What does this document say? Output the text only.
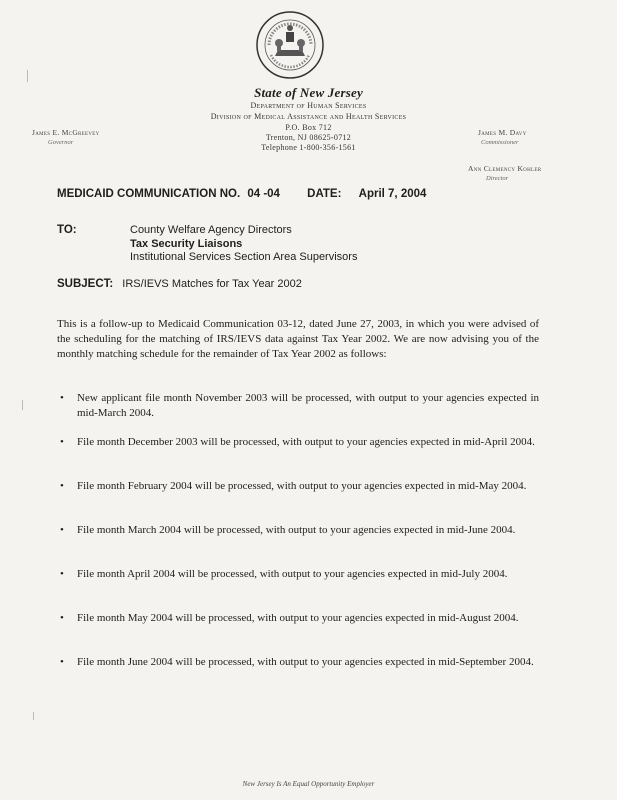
State of New Jersey
Department of Human Services
Division of Medical Assistance and Health Services
P.O. Box 712
Trenton, NJ 08625-0712
Telephone 1-800-356-1561
James E. McGreevey
Governor
James M. Davy
Commissioner
Ann Clemency Kohler
Director
MEDICAID COMMUNICATION NO. 04 -04 DATE: April 7, 2004
TO:	County Welfare Agency Directors
Tax Security Liaisons
Institutional Services Section Area Supervisors
SUBJECT: IRS/IEVS Matches for Tax Year 2002
This is a follow-up to Medicaid Communication 03-12, dated June 27, 2003, in which you were advised of the scheduling for the matching of IRS/IEVS data against Tax Year 2002. We are now advising you of the monthly matching schedule for the remainder of Tax Year 2002 as follows:
• New applicant file month November 2003 will be processed, with output to your agencies expected in mid-March 2004.
• File month December 2003 will be processed, with output to your agencies expected in mid-April 2004.
• File month February 2004 will be processed, with output to your agencies expected in mid-May 2004.
• File month March 2004 will be processed, with output to your agencies expected in mid-June 2004.
• File month April 2004 will be processed, with output to your agencies expected in mid-July 2004.
• File month May 2004 will be processed, with output to your agencies expected in mid-August 2004.
• File month June 2004 will be processed, with output to your agencies expected in mid-September 2004.
New Jersey Is An Equal Opportunity Employer
